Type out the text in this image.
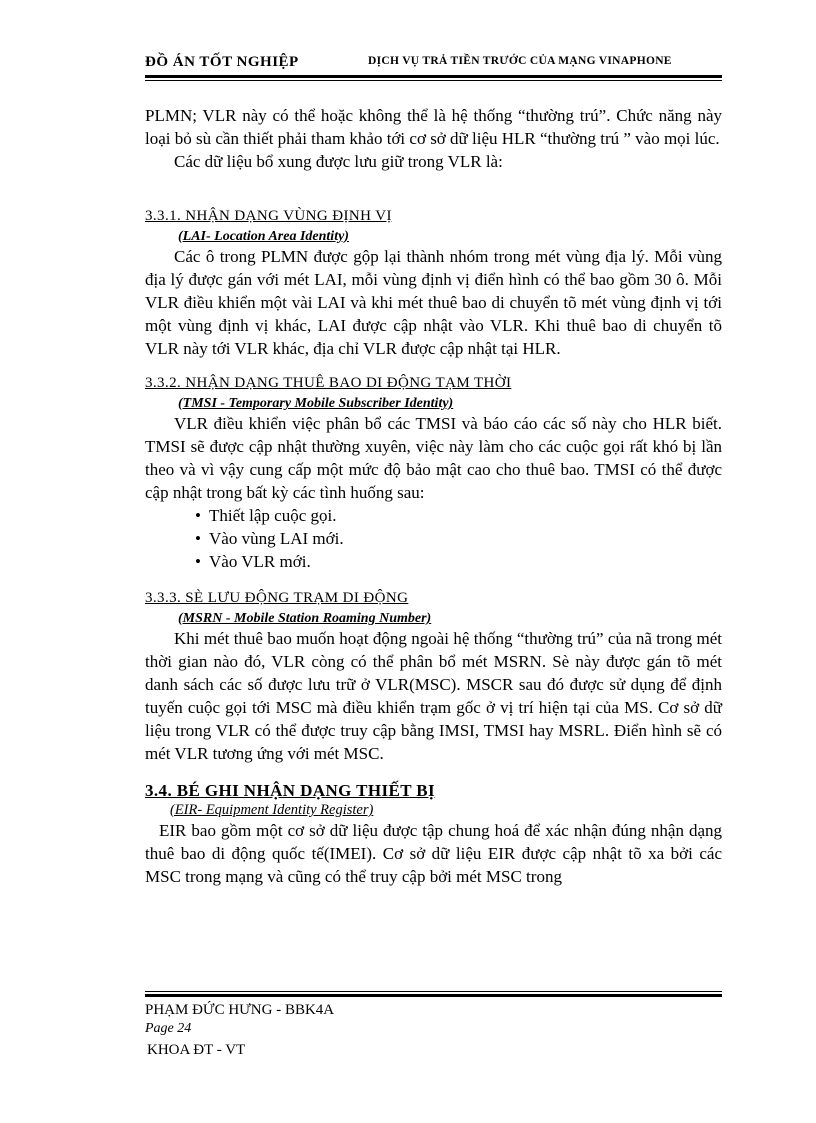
ĐỒ ÁN TỐT NGHIỆP	DỊCH VỤ TRẢ TIỀN TRƯỚC CỦA MẠNG VINAPHONE

PLMN; VLR này có thể hoặc không thể là hệ thống “thường trú”. Chức năng này loại bỏ sù cần thiết phải tham khảo tới cơ sở dữ liệu HLR “thường trú ” vào mọi lúc.

Các dữ liệu bổ xung được lưu giữ trong VLR là:

3.3.1. NHẬN DẠNG VÙNG ĐỊNH VỊ
(LAI- Location Area Identity)

Các ô trong PLMN được gộp lại thành nhóm trong mét vùng địa lý. Mỗi vùng địa lý được gán với mét LAI, mỗi vùng định vị điển hình có thể bao gồm 30 ô. Mỗi VLR điều khiển một vài LAI và khi mét thuê bao di chuyển tõ mét vùng định vị tới một vùng định vị khác, LAI được cập nhật vào VLR. Khi thuê bao di chuyển tõ VLR này tới VLR khác, địa chỉ VLR được cập nhật tại HLR.

3.3.2. NHẬN DẠNG THUÊ BAO DI ĐỘNG TẠM THỜI
(TMSI - Temporary Mobile Subscriber Identity)

VLR điều khiển việc phân bổ các TMSI và báo cáo các số này cho HLR biết. TMSI sẽ được cập nhật thường xuyên, việc này làm cho các cuộc gọi rất khó bị lần theo và vì vậy cung cấp một mức độ bảo mật cao cho thuê bao. TMSI có thể được cập nhật trong bất kỳ các tình huống sau:

• Thiết lập cuộc gọi.
• Vào vùng LAI mới.
• Vào VLR mới.
3.3.3. SÈ LƯU ĐỘNG TRẠM DI ĐỘNG
(MSRN - Mobile Station Roaming Number)

Khi mét thuê bao muốn hoạt động ngoài hệ thống “thường trú” của nã trong mét thời gian nào đó, VLR còng có thể phân bổ mét MSRN. Sè này được gán tõ mét danh sách các số được lưu trữ ở VLR(MSC). MSCR sau đó được sử dụng để định tuyến cuộc gọi tới MSC mà điều khiển trạm gốc ở vị trí hiện tại của MS. Cơ sở dữ liệu trong VLR có thể được truy cập bằng IMSI, TMSI hay MSRL. Điển hình sẽ có mét VLR tương ứng với mét MSC.

3.4. BÉ GHI NHẬN DẠNG THIẾT BỊ
(EIR- Equipment Identity Register)

EIR bao gồm một cơ sở dữ liệu được tập chung hoá để xác nhận đúng nhận dạng thuê bao di động quốc tế(IMEI). Cơ sở dữ liệu EIR được cập nhật tõ xa bởi các MSC trong mạng và cũng có thể truy cập bởi mét MSC trong

PHẠM ĐỨC HƯNG - BBK4A
Page 24
KHOA ĐT - VT
